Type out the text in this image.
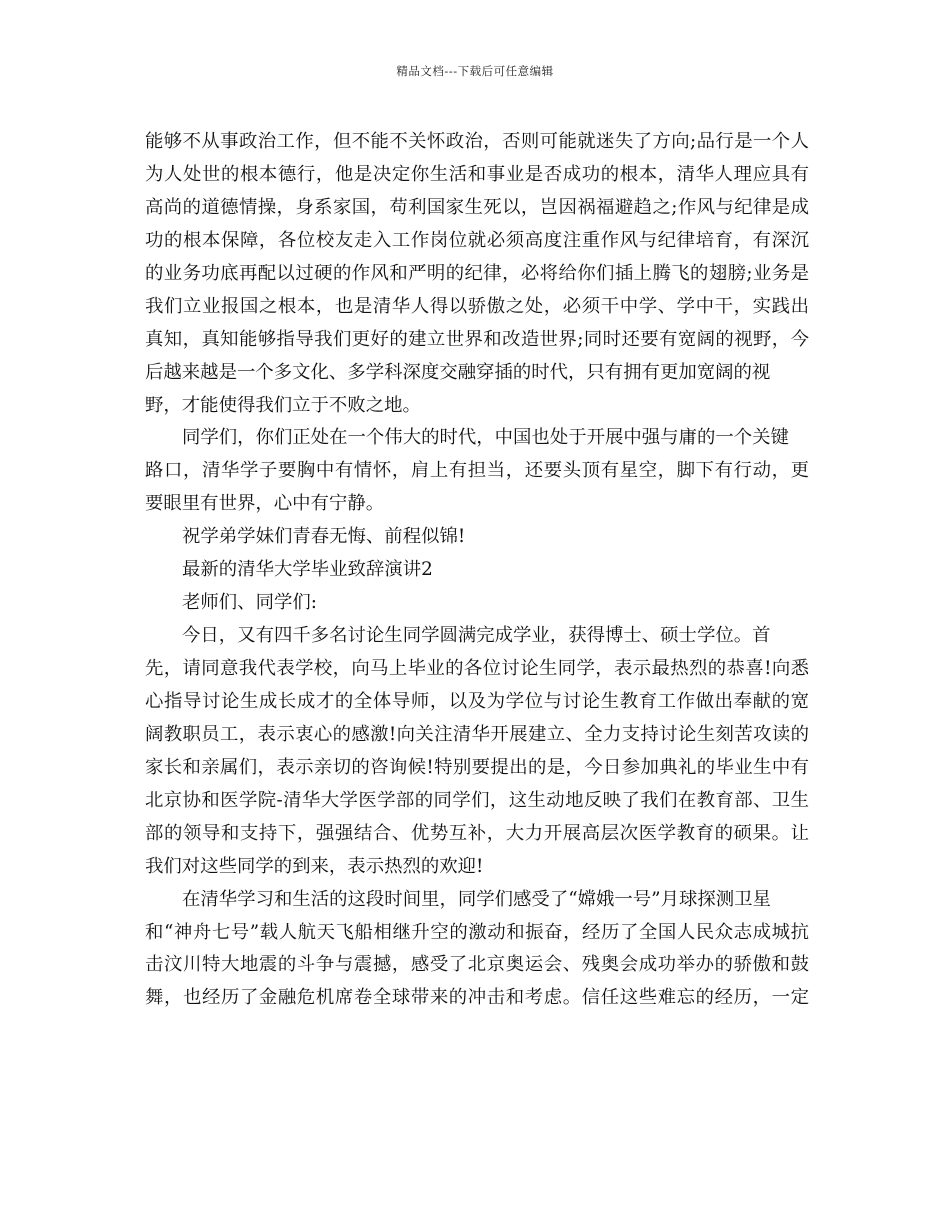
精品文档---下载后可任意编辑
能够不从事政治工作，但不能不关怀政治，否则可能就迷失了方向;品行是一个人
为人处世的根本德行，他是决定你生活和事业是否成功的根本，清华人理应具有
高尚的道德情操，身系家国，苟利国家生死以，岂因祸福避趋之;作风与纪律是成
功的根本保障，各位校友走入工作岗位就必须高度注重作风与纪律培育，有深沉
的业务功底再配以过硬的作风和严明的纪律，必将给你们插上腾飞的翅膀;业务是
我们立业报国之根本，也是清华人得以骄傲之处，必须干中学、学中干，实践出
真知，真知能够指导我们更好的建立世界和改造世界;同时还要有宽阔的视野，今
后越来越是一个多文化、多学科深度交融穿插的时代，只有拥有更加宽阔的视
野，才能使得我们立于不败之地。
同学们，你们正处在一个伟大的时代，中国也处于开展中强与庸的一个关键
路口，清华学子要胸中有情怀，肩上有担当，还要头顶有星空，脚下有行动，更
要眼里有世界，心中有宁静。
祝学弟学妹们青春无悔、前程似锦!
最新的清华大学毕业致辞演讲2
老师们、同学们:
今日，又有四千多名讨论生同学圆满完成学业，获得博士、硕士学位。首
先，请同意我代表学校，向马上毕业的各位讨论生同学，表示最热烈的恭喜!向悉
心指导讨论生成长成才的全体导师，以及为学位与讨论生教育工作做出奉献的宽
阔教职员工，表示衷心的感激!向关注清华开展建立、全力支持讨论生刻苦攻读的
家长和亲属们，表示亲切的咨询候!特别要提出的是，今日参加典礼的毕业生中有
北京协和医学院-清华大学医学部的同学们，这生动地反映了我们在教育部、卫生
部的领导和支持下，强强结合、优势互补，大力开展高层次医学教育的硕果。让
我们对这些同学的到来，表示热烈的欢迎!
在清华学习和生活的这段时间里，同学们感受了“嫦娥一号”月球探测卫星
和“神舟七号”载人航天飞船相继升空的激动和振奋，经历了全国人民众志成城抗
击汶川特大地震的斗争与震撼，感受了北京奥运会、残奥会成功举办的骄傲和鼓
舞，也经历了金融危机席卷全球带来的冲击和考虑。信任这些难忘的经历，一定
